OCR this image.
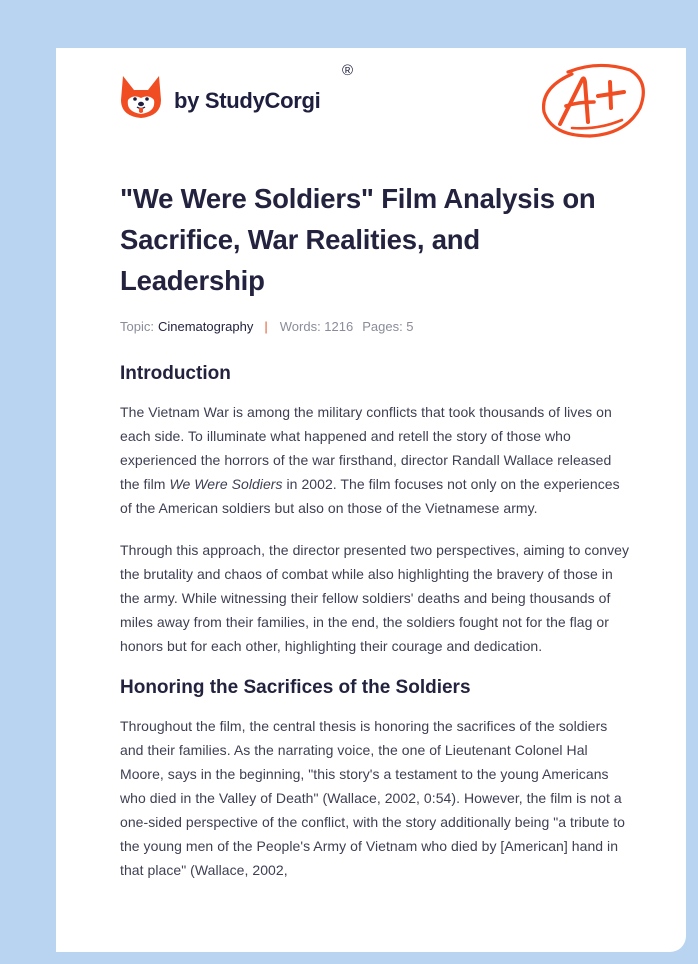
by StudyCorgi
®
"We Were Soldiers" Film Analysis on Sacrifice, War Realities, and Leadership
Topic: Cinematography | Words: 1216 Pages: 5
Introduction

The Vietnam War is among the military conflicts that took thousands of lives on each side. To illuminate what happened and retell the story of those who experienced the horrors of the war firsthand, director Randall Wallace released the film We Were Soldiers in 2002. The film focuses not only on the experiences of the American soldiers but also on those of the Vietnamese army.

Through this approach, the director presented two perspectives, aiming to convey the brutality and chaos of combat while also highlighting the bravery of those in the army. While witnessing their fellow soldiers' deaths and being thousands of miles away from their families, in the end, the soldiers fought not for the flag or honors but for each other, highlighting their courage and dedication.

Honoring the Sacrifices of the Soldiers

Throughout the film, the central thesis is honoring the sacrifices of the soldiers and their families. As the narrating voice, the one of Lieutenant Colonel Hal Moore, says in the beginning, "this story's a testament to the young Americans who died in the Valley of Death" (Wallace, 2002, 0:54). However, the film is not a one-sided perspective of the conflict, with the story additionally being "a tribute to the young men of the People's Army of Vietnam who died by [American] hand in that place" (Wallace, 2002,
